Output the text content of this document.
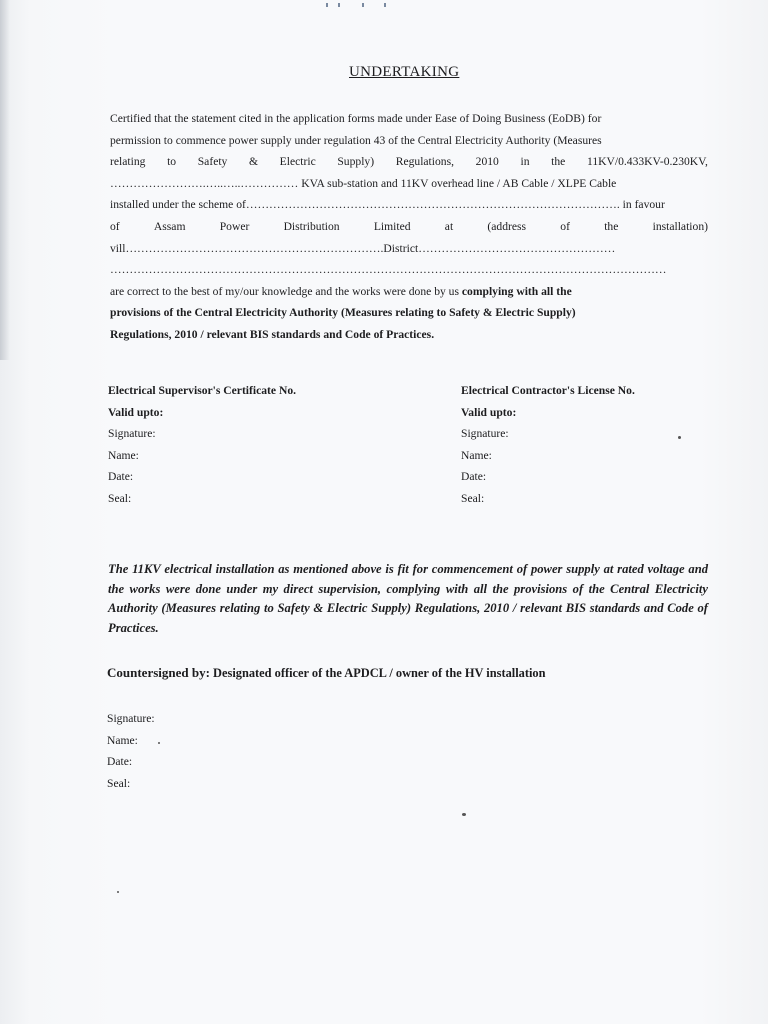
UNDERTAKING
Certified that the statement cited in the application forms made under Ease of Doing Business (EoDB) for
permission to commence power supply under regulation 43 of the Central Electricity Authority (Measures
relating to Safety & Electric Supply) Regulations, 2010 in the 11KV/0.433KV-0.230KV,
…………………….…..…..…………… KVA sub-station and 11KV overhead line / AB Cable / XLPE Cable
installed under the scheme of……………………………………………………………………………………. in favour
of	Assam	Power	Distribution	Limited	at	(address	of	the	installation)
vill………………………………………………………….District……………………………………………
………………………………………………………………………………………………………………………………
are correct to the best of my/our knowledge and the works were done by us complying with all the
provisions of the Central Electricity Authority (Measures relating to Safety & Electric Supply)
Regulations, 2010 / relevant BIS standards and Code of Practices.
Electrical Supervisor's Certificate No.
Valid upto:
Signature:
Name:
Date:
Seal:
Electrical Contractor's License No.
Valid upto:
Signature:
Name:
Date:
Seal:
The 11KV electrical installation as mentioned above is fit for commencement of power supply at rated voltage and the works were done under my direct supervision, complying with all the provisions of the Central Electricity Authority (Measures relating to Safety & Electric Supply) Regulations, 2010 / relevant BIS standards and Code of Practices.
Countersigned by: Designated officer of the APDCL / owner of the HV installation
Signature:
Name:
Date:
Seal:
